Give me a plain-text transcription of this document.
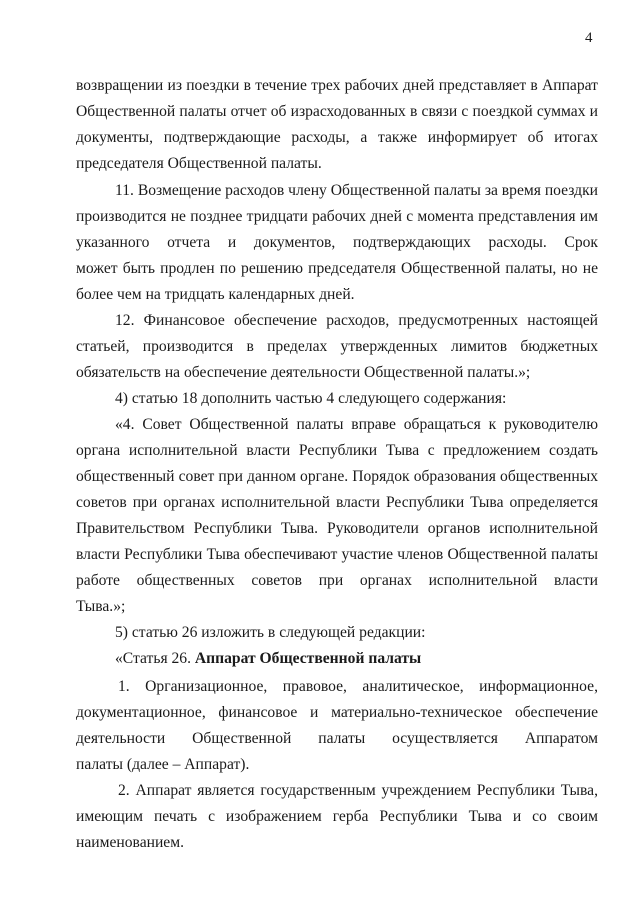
4
возвращении из поездки в течение трех рабочих дней представляет в Аппарат
Общественной палаты отчет об израсходованных в связи с поездкой суммах и
документы, подтверждающие расходы, а также информирует об итогах
председателя Общественной палаты.
11. Возмещение расходов члену Общественной палаты за время поездки
производится не позднее тридцати рабочих дней с момента представления им
указанного отчета и документов, подтверждающих расходы. Срок
может быть продлен по решению председателя Общественной палаты, но не
более чем на тридцать календарных дней.
12. Финансовое обеспечение расходов, предусмотренных настоящей
статьей, производится в пределах утвержденных лимитов бюджетных
обязательств на обеспечение деятельности Общественной палаты.»;
4) статью 18 дополнить частью 4 следующего содержания:
«4. Совет Общественной палаты вправе обращаться к руководителю
органа исполнительной власти Республики Тыва с предложением создать
общественный совет при данном органе. Порядок образования общественных
советов при органах исполнительной власти Республики Тыва определяется
Правительством Республики Тыва. Руководители органов исполнительной
власти Республики Тыва обеспечивают участие членов Общественной палаты
работе общественных советов при органах исполнительной власти
Тыва.»;
5) статью 26 изложить в следующей редакции:
«Статья 26. Аппарат Общественной палаты
1. Организационное, правовое, аналитическое, информационное,
документационное, финансовое и материально-техническое обеспечение
деятельности Общественной палаты осуществляется Аппаратом
палаты (далее – Аппарат).
2. Аппарат является государственным учреждением Республики Тыва,
имеющим печать с изображением герба Республики Тыва и со своим
наименованием.
